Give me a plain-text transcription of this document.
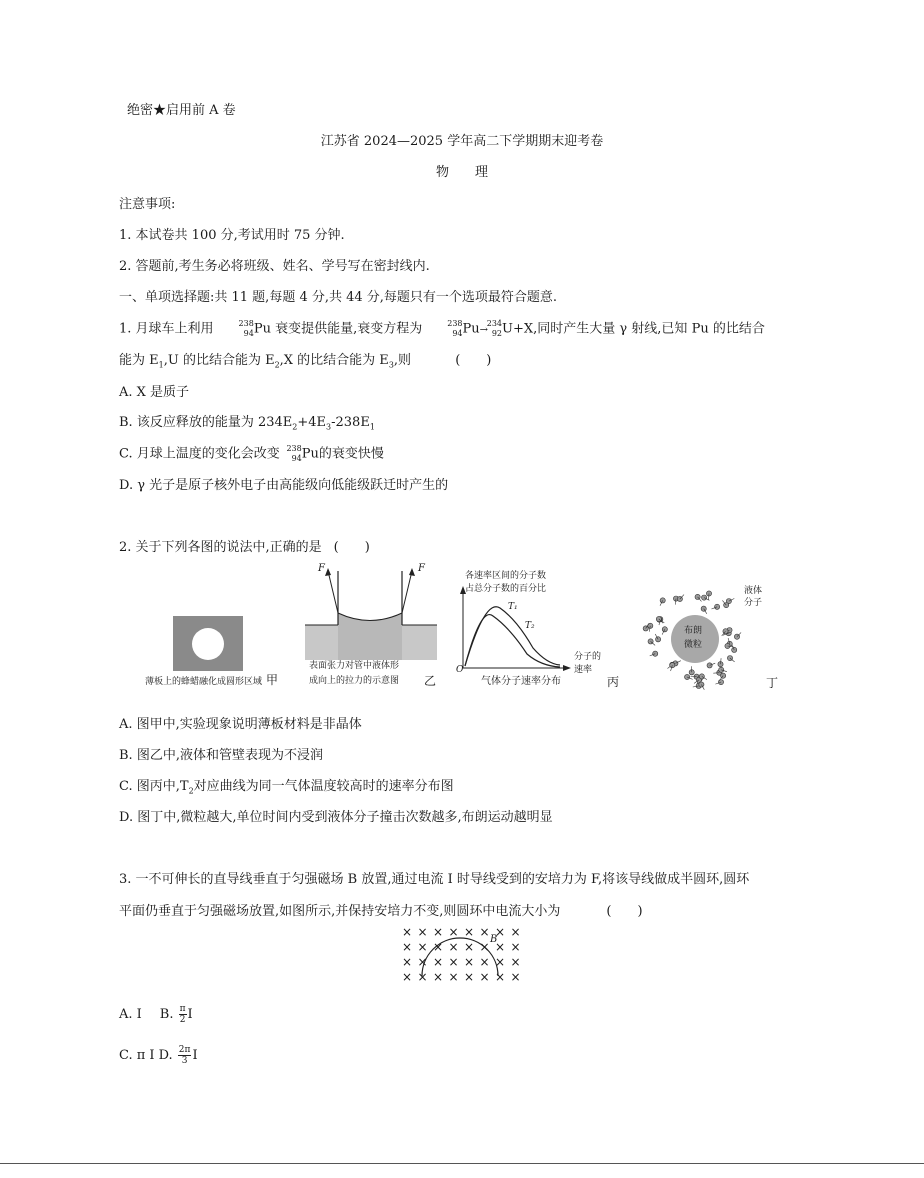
绝密★启用前 A 卷
江苏省 2024—2025 学年高二下学期期末迎考卷
物　　理
注意事项:
1. 本试卷共 100 分,考试用时 75 分钟.
2. 答题前,考生务必将班级、姓名、学号写在密封线内.
一、单项选择题:共 11 题,每题 4 分,共 44 分,每题只有一个选项最符合题意.
1. 月球车上利用	238
94 Pu 衰变提供能量,衰变方程为	238
94 Pu→
234
92 U+X,同时产生大量 γ 射线,已知 Pu 的比结合
能为 $E_1,U$ 的比结合能为 $E_2,X$ 的比结合能为 $E_3$,则	(　　)
A. X 是质子
B. 该反应释放的能量为 $234E_2+4E_3-238E_1$
C. 月球上温度的变化会改变 238
94 Pu的衰变快慢
D. γ 光子是原子核外电子由高能级向低能级跃迁时产生的
2. 关于下列各图的说法中,正确的是 (　　)
薄板上的蜂蜡融化成圆形区域 甲
F	F
表面张力对管中液体形
成向上的拉力的示意图 乙
各速率区间的分子数
占总分子数的百分比
T₁
T₂
分子的
速率
O
气体分子速率分布	丙
液体
分子
布朗
微粒
丁
A. 图甲中,实验现象说明薄板材料是非晶体
B. 图乙中,液体和管壁表现为不浸润
C. 图丙中$,T_2$对应曲线为同一气体温度较高时的速率分布图
D. 图丁中,微粒越大,单位时间内受到液体分子撞击次数越多,布朗运动越明显
3. 一不可伸长的直导线垂直于匀强磁场 B 放置,通过电流 I 时导线受到的安培力为 F,将该导线做成半圆环,圆环
平面仍垂直于匀强磁场放置,如图所示,并保持安培力不变,则圆环中电流大小为	(　　)
B
× × × × × × × ×
× × × × × × × ×
× × × × × × × ×
× × × × × × × ×
A. I B. $\frac{\pi}{2}$ I
C. π I D. $\frac{2\pi}{3}$ I
